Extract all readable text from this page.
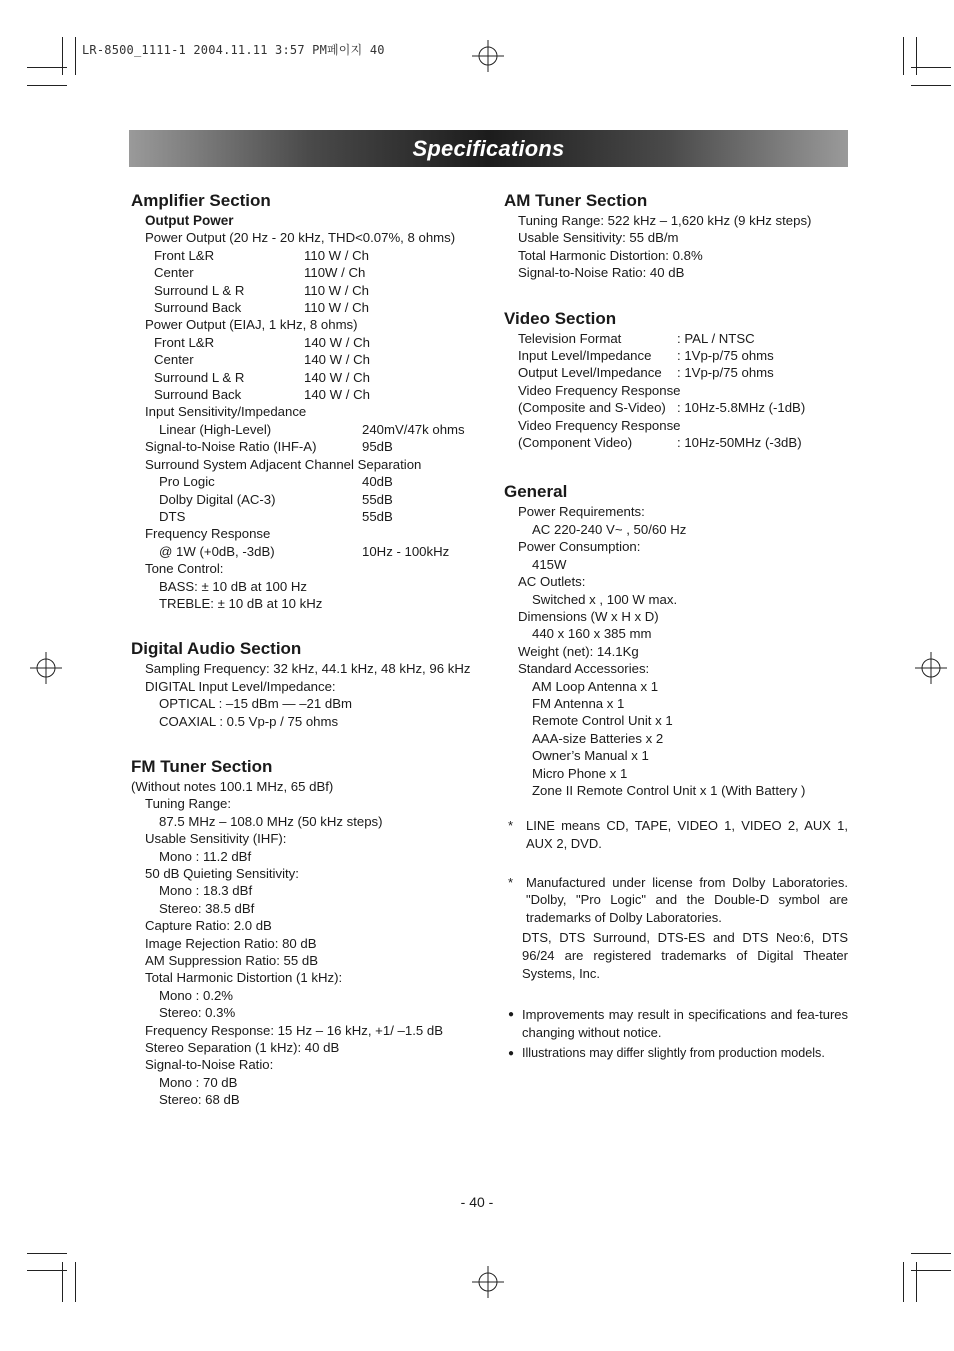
LR-8500_1111-1 2004.11.11 3:57 PM페이지 40
Specifications
Amplifier Section
Output Power
Power Output (20 Hz - 20 kHz, THD<0.07%, 8 ohms)
Front L&R	110 W / Ch
Center	110W / Ch
Surround L & R	110 W / Ch
Surround Back	110 W / Ch
Power Output (EIAJ, 1 kHz, 8 ohms)
Front L&R	140 W / Ch
Center	140 W / Ch
Surround L & R	140 W / Ch
Surround Back	140 W / Ch
Input Sensitivity/Impedance
Linear (High-Level)	240mV/47k ohms
Signal-to-Noise Ratio (IHF-A)	95dB
Surround System Adjacent Channel Separation
Pro Logic	40dB
Dolby Digital (AC-3)	55dB
DTS	55dB
Frequency Response
@ 1W (+0dB, -3dB)	10Hz - 100kHz
Tone Control:
BASS: ± 10 dB at 100 Hz
TREBLE: ± 10 dB at 10 kHz
Digital Audio Section
Sampling Frequency: 32 kHz, 44.1 kHz, 48 kHz, 96 kHz
DIGITAL Input Level/Impedance:
OPTICAL : –15 dBm — –21 dBm
COAXIAL : 0.5 Vp-p / 75 ohms
FM Tuner Section
(Without notes 100.1 MHz, 65 dBf)
Tuning Range:
87.5 MHz – 108.0 MHz (50 kHz steps)
Usable Sensitivity (IHF):
Mono : 11.2 dBf
50 dB Quieting Sensitivity:
Mono : 18.3 dBf
Stereo: 38.5 dBf
Capture Ratio: 2.0 dB
Image Rejection Ratio: 80 dB
AM Suppression Ratio: 55 dB
Total Harmonic Distortion (1 kHz):
Mono : 0.2%
Stereo: 0.3%
Frequency Response: 15 Hz – 16 kHz, +1/ –1.5 dB
Stereo Separation (1 kHz): 40 dB
Signal-to-Noise Ratio:
Mono : 70 dB
Stereo: 68 dB
AM Tuner Section
Tuning Range: 522 kHz – 1,620 kHz (9 kHz steps)
Usable Sensitivity: 55 dB/m
Total Harmonic Distortion: 0.8%
Signal-to-Noise Ratio: 40 dB
Video Section
Television Format	: PAL / NTSC
Input Level/Impedance	: 1Vp-p/75 ohms
Output Level/Impedance	: 1Vp-p/75 ohms
Video Frequency Response
(Composite and S-Video) : 10Hz-5.8MHz (-1dB)
Video Frequency Response
(Component Video)	: 10Hz-50MHz (-3dB)
General
Power Requirements:
AC 220-240 V~ , 50/60 Hz
Power Consumption:
415W
AC Outlets:
Switched x , 100 W max.
Dimensions (W x H x D)
440 x 160 x 385 mm
Weight (net): 14.1Kg
Standard Accessories:
AM Loop Antenna x 1
FM Antenna x 1
Remote Control Unit x 1
AAA-size Batteries x 2
Owner’s Manual x 1
Micro Phone x 1
Zone II Remote Control Unit x 1 (With Battery )
* LINE means CD, TAPE, VIDEO 1, VIDEO 2, AUX 1, AUX 2, DVD.
* Manufactured under license from Dolby Laboratories. "Dolby, "Pro Logic" and the Double-D symbol are trademarks of Dolby Laboratories.
DTS, DTS Surround, DTS-ES and DTS Neo:6, DTS 96/24 are registered trademarks of Digital Theater Systems, Inc.
● Improvements may result in specifications and fea-tures changing without notice.
● Illustrations may differ slightly from production models.
- 40 -
